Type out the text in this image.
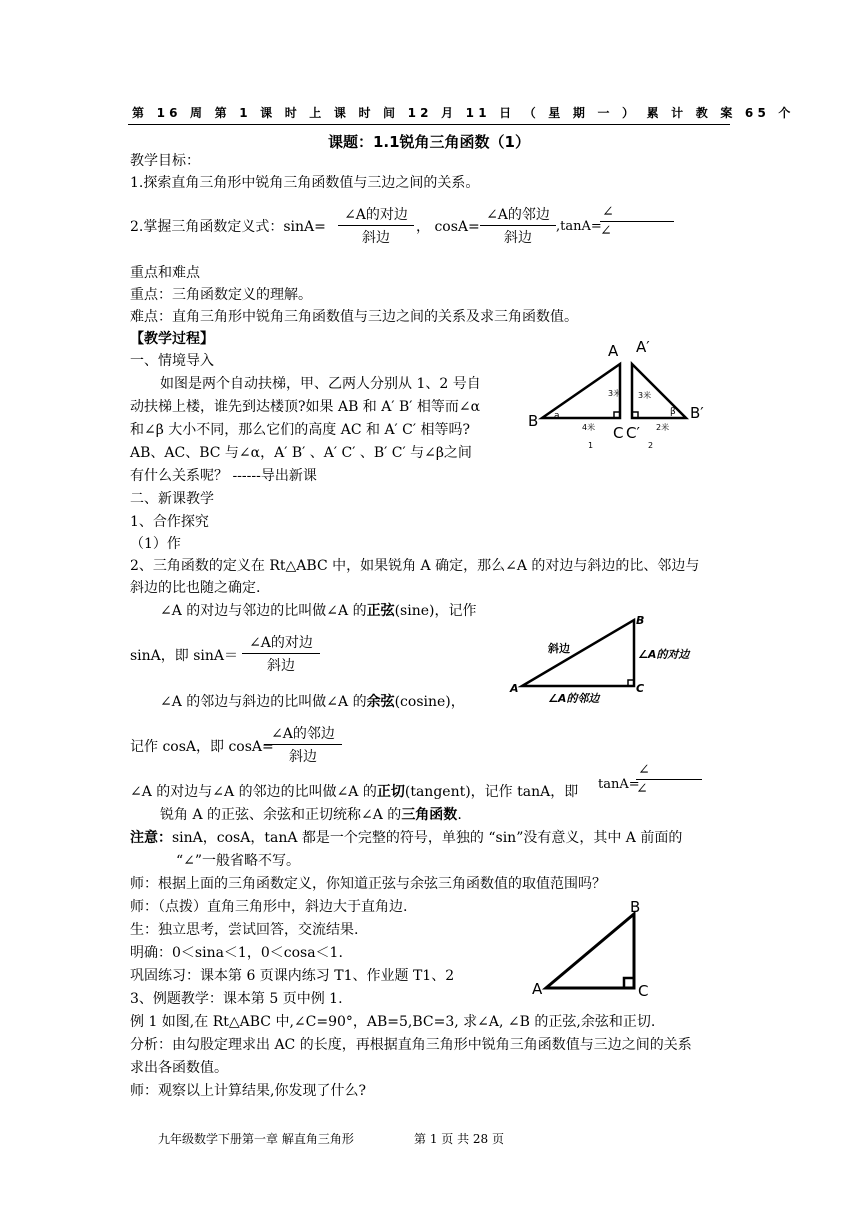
第 16 周 第 1 课 时 上 课 时 间 12 月 11 日 （ 星 期 一 ） 累 计 教 案 65 个
课题：1.1锐角三角函数（1）
教学目标：
1.探索直角三角形中锐角三角函数值与三边之间的关系。
2.掌握三角函数定义式：sinA=
∠A的对边
斜边
， cosA=
∠A的邻边
斜边
,tanA=
∠
∠
重点和难点
重点：三角函数定义的理解。
难点：直角三角形中锐角三角函数值与三边之间的关系及求三角函数值。
【教学过程】
一、情境导入
如图是两个自动扶梯，甲、乙两人分别从 1、2 号自
动扶梯上楼，谁先到达楼顶?如果 AB 和 A′ B′ 相等而∠α
和∠β 大小不同，那么它们的高度 AC 和 A′ C′ 相等吗?
AB、AC、BC 与∠α，A′ B′ 、A′ C′ 、B′ C′ 与∠β之间
有什么关系呢？ ------导出新课
A A′
B	B′
C C′
a	β
3米 3米
4米	2米
1	2
二、新课教学
1、合作探究
（1）作
2、三角函数的定义在 Rt△ABC 中，如果锐角 A 确定，那么∠A 的对边与斜边的比、邻边与
斜边的比也随之确定.
∠A 的对边与邻边的比叫做∠A 的正弦(sine)，记作
sinA，即 sinA＝
∠A的对边
斜边
A
B
C
斜边	∠A的对边
∠A的邻边
∠A 的邻边与斜边的比叫做∠A 的余弦(cosine)，
记作 cosA，即 cosA=
∠A的邻边
斜边
∠A 的对边与∠A 的邻边的比叫做∠A 的正切(tangent)，记作 tanA，即 tanA=
∠
∠
锐角 A 的正弦、余弦和正切统称∠A 的三角函数.
注意：sinA，cosA，tanA 都是一个完整的符号，单独的 “sin”没有意义，其中 A 前面的
“∠”一般省略不写。
师：根据上面的三角函数定义，你知道正弦与余弦三角函数值的取值范围吗？
师：（点拨）直角三角形中，斜边大于直角边.
生：独立思考，尝试回答，交流结果.
明确：0＜sina＜1，0＜cosa＜1.
巩固练习：课本第 6 页课内练习 T1、作业题 T1、2
A
B
C
3、例题教学：课本第 5 页中例 1.
例 1 如图,在 Rt△ABC 中,∠C=90°，AB=5,BC=3, 求∠A, ∠B 的正弦,余弦和正切.
分析：由勾股定理求出 AC 的长度，再根据直角三角形中锐角三角函数值与三边之间的关系
求出各函数值。
师：观察以上计算结果,你发现了什么?
九年级数学下册第一章 解直角三角形	第 1 页 共 28 页
